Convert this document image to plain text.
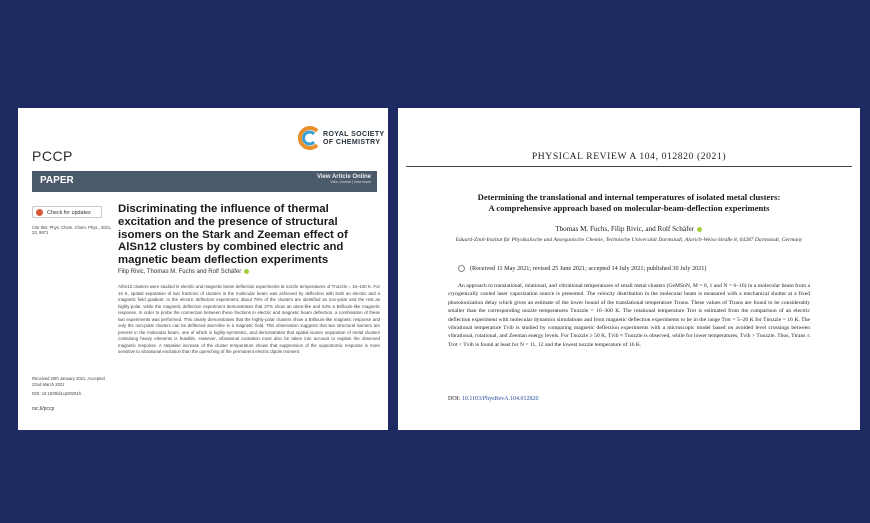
ROYAL SOCIETY
OF CHEMISTRY
PCCP
PAPER	View Article Online
View Journal | View Issue
Check for updates
Cite this: Phys. Chem. Chem. Phys., 2021, 23, 9971
Discriminating the influence of thermal excitation and the presence of structural isomers on the Stark and Zeeman effect of AlSn12 clusters by combined electric and magnetic beam deflection experiments
Filip Rivic, Thomas M. Fuchs and Rolf Schäfer
AlSn12 clusters were studied in electric and magnetic beam deflection experiments at nozzle temperatures of Tnozzle = 16–100 K. For 16 K, spatial separation of two fractions of clusters in the molecular beam was achieved by deflection with both an electric and a magnetic field gradient. In the electric deflection experiment, about 76% of the clusters are identified as non-polar and the rest as highly-polar, while the magnetic deflection experiment demonstrates that 37% show an atom-like and 63% a Brillouin-like magnetic response. In order to probe the connection between these fractions in electric and magnetic beam deflection, a combination of these two experiments was performed. This clearly demonstrates that the highly-polar clusters show a Brillouin-like magnetic response and only the non-polar clusters can be deflected atom-like in a magnetic field. This observation suggests that two structural isomers are present in the molecular beam, one of which is highly-symmetric, and demonstrates that spatial isomer separation of metal clusters containing heavy elements is feasible. However, vibrational excitation must also be taken into account to explain the observed magnetic response. A stepwise increase of the cluster temperature shows that suppression of the superatomic response is more sensitive to vibrational excitation than the quenching of the permanent electric dipole moment.
Received 20th January 2021, Accepted 22nd March 2021
DOI: 10.1039/d1cp00291h
rsc.li/pccp
PHYSICAL REVIEW A 104, 012820 (2021)
Determining the translational and internal temperatures of isolated metal clusters:
A comprehensive approach based on molecular-beam-deflection experiments
Thomas M. Fuchs, Filip Rivic, and Rolf Schäfer
Eduard-Zintl-Institut für Physikalische und Anorganische Chemie, Technische Universität Darmstadt, Alarich-Weiss-Straße 8, 64287 Darmstadt, Germany
(Received 11 May 2021; revised 25 June 2021; accepted 14 July 2021; published 30 July 2021)
An approach to translational, rotational, and vibrational temperatures of small metal clusters (GeMSnN, M = 0, 1 and N = 6–16) in a molecular beam from a cryogenically cooled laser vaporization source is presented. The velocity distribution in the molecular beam is measured with a mechanical shutter at a fixed photoionization delay which gives an estimate of the lower bound of the translational temperature Ttrans. These values of Ttrans are found to be considerably smaller than the corresponding nozzle temperatures Tnozzle = 16–300 K. The rotational temperature Trot is estimated from the comparison of an electric deflection experiment with molecular dynamics simulations and from magnetic deflection experiments to be in the range Trot = 5–20 K for Tnozzle = 16 K. The vibrational temperature Tvib is studied by comparing magnetic deflection experiments with a microscopic model based on avoided level crossings between vibrational, rotational, and Zeeman energy levels. For Tnozzle ≥ 50 K, Tvib ≈ Tnozzle is observed, while for lower temperatures, Tvib > Tnozzle. Thus, Ttrans ≤ Trot < Tvib is found at least for N = 11, 12 and the lowest nozzle temperature of 16 K.
DOI: 10.1103/PhysRevA.104.012820
